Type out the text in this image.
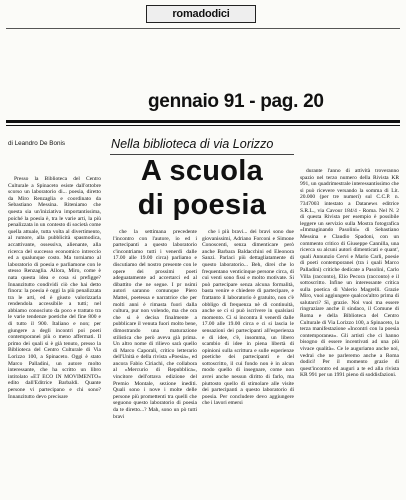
romadodici
gennaio 91 - pag. 20
di Leandro De Bonis	Nella biblioteca di via Lorizzo
A scuola
di poesia

Presso la Biblioteca del Centro Culturale a Spinaceto esiste dall'ottobre scorso un laboratorio di... poesia, diretto da Miro Renzaglia e coordinato da Sebastiano Messina. Riteniamo che questa sia un'iniziativa importantissima, poiché la poesia è, tra le varie arti, la più penalizzata in un contesto di società come quella attuale, tutta volta al divertimento, al rumore, alla pubblicità spasmodica, accattivante, ossessiva, alienante, alla ricerca del successo economico intreccio ed a qualunque costo. Ma torniamo al laboratorio di poesia e parliamone con le stesso Renzaglia. Allora, Miro, come è nata questa idea e cosa si prefigge? Innanzitutto condividi ciò che hai detto finora: la poesia è oggi la più penalizzata tra le arti, ed è giusto valorizzarla rendendola accessibile a tutti; nel abbiamo conosciuto da poco e trattato tra le varie tendenze poetiche del fine 800 e di tutto il 900. Italiano e non; per giungere a degli incontri poi poeti contemporanei più o meno affermati. Il primo dei quali si è già tenuto, presso la Biblioteca del Centro Culturale di Via Lorizzo 100, a Spinaceto. Oggi è stato Marco Palladini, un autore molto interessante, che ha scritto un libro intitolato «ET ECO IN MOVIMENTO» edito dall'Editrice Barbaldi. Quante persone vi partecipano e chi sono? Innanzitutto devo precisare

che la settimana precedente l'incontro con l'autore, io ed i partecipanti a questo laboratorio c'incontriamo tutti i venerdì dalle 17.00 alle 19.00 circa) parliamo e discutiamo del nostro presente con le opere dei prossimi poeti adeguatamente ad accertarci ed al dibattito che ne segue. I pr nsimi autori saranno comunque Piero Mattei, poetessa e narratrice che per molti anni è rimasta fuori dalla cultura, pur non volendo, ma che ora che si è decisa finalmente a pubblicare il venuta fuori molto bene, dimostrando una maturazione stilistica che però aveva già prima. Un altro nome di rilievo sarà quello di Marco Caporali, critico letterario dell'Unità e della rivista «Poesia», ed ancora Fabio Ciriachi, che collabora al «Mercurio di Repubblica», vincitore dell'ottava edizione del Premio Montale, sezione inediti. Quali sono i nove i molte delle persone più promettenti tra quelli che seguono questo laboratorio di poesia da te diretto...? Mah, sono un pò tutti bravi

che i più bravi... dei bravi sono due giovanissimi, Adriano Forconi e Simone Conoscenti, senza dimenticare però anche Barbara Baldacchini ed Eleonora Sanzi. Parlaci più dettagliatamente di questo laboratorio... Beh, direi che lo frequentano venticinque persone circa, di cui venti sono fissi e molto motivate. Si può partecipare senza alcuna formalità, basta venire e chiedere di partecipare, e frattanto il laboratorio è gratuito, non c'è obbligo di frequenza nè di continuità, anche se ci si può iscrivere in qualsiasi momento. Ci si incontra il venerdì dalle 17.00 alle 19.00 circa e ci si lascia le sensazioni dei partecipanti all'esperienza e di idee, c'è, insomma, un libero scambio di idee in piena libertà di opinioni sulla scrittura e sulle esperienze poetiche dei partecipanti e del sottoscritto, il cui fondo non è in alcun modo quello di insegnare, come non avrei anche nessun diritto di farlo, ma piuttosto quello di stimolare alle visite dei partecipanti a questo laboratorio di poesia. Per concludere devo aggiungere che i lavori emersi

durante l'anno di attività troveranno spazio nel terzo numero della Rivista KR 991, un quadrimestrale interessantissimo che si può ricevere versando la somma di Lit. 20.000 (per tre numeri) sul C.C.P. n. 7347003 intestato a Datanews editrice S.R.L., via Cavour 184/4 - Roma. Nel N. 2 di questa Rivista per esempio è possibile leggere un servizio sulla Mostra fotografica «Immaginando Pasolini» di Sebastiano Messina e Claudio Spadoni, con un commento critico di Giuseppe Cannilla, una ricerca su alcuni autori dimenticati e quant', quali Annunzio Cervi e Mario Carli, poesie di poeti contemporanei (tra i quali Marco Palladini) critiche dedicate a Pasolini, Carlo Villa (racconto), Elio Pecora (racconto) e il sottoscritto. Infine un interessante critica sulla poetica di Valerio Magrelli. Grazie Miro, vuoi aggiungere qualcos'altro prima di salutarci? Sì, grazie. Noi vuoi ma essere ringraziare anche il sindaco, il Comune di Roma e della Biblioteca del Centro Culturale di Via Lorizzo 100, a Spinaceto, la terza manifestazione «Incontri con la poesia contemporanea». Gli artisti che ci hanno bisogno di essere incentivati ad una più vivace qualità». Ce le auguriamo anche noi, vedrai che ne parleremo anche a Roma dodici! Per il momento grazie di quest'incontro ed auguri a te ed alla rivista KR 991 per un 1991 pieno di soddisfazioni.
